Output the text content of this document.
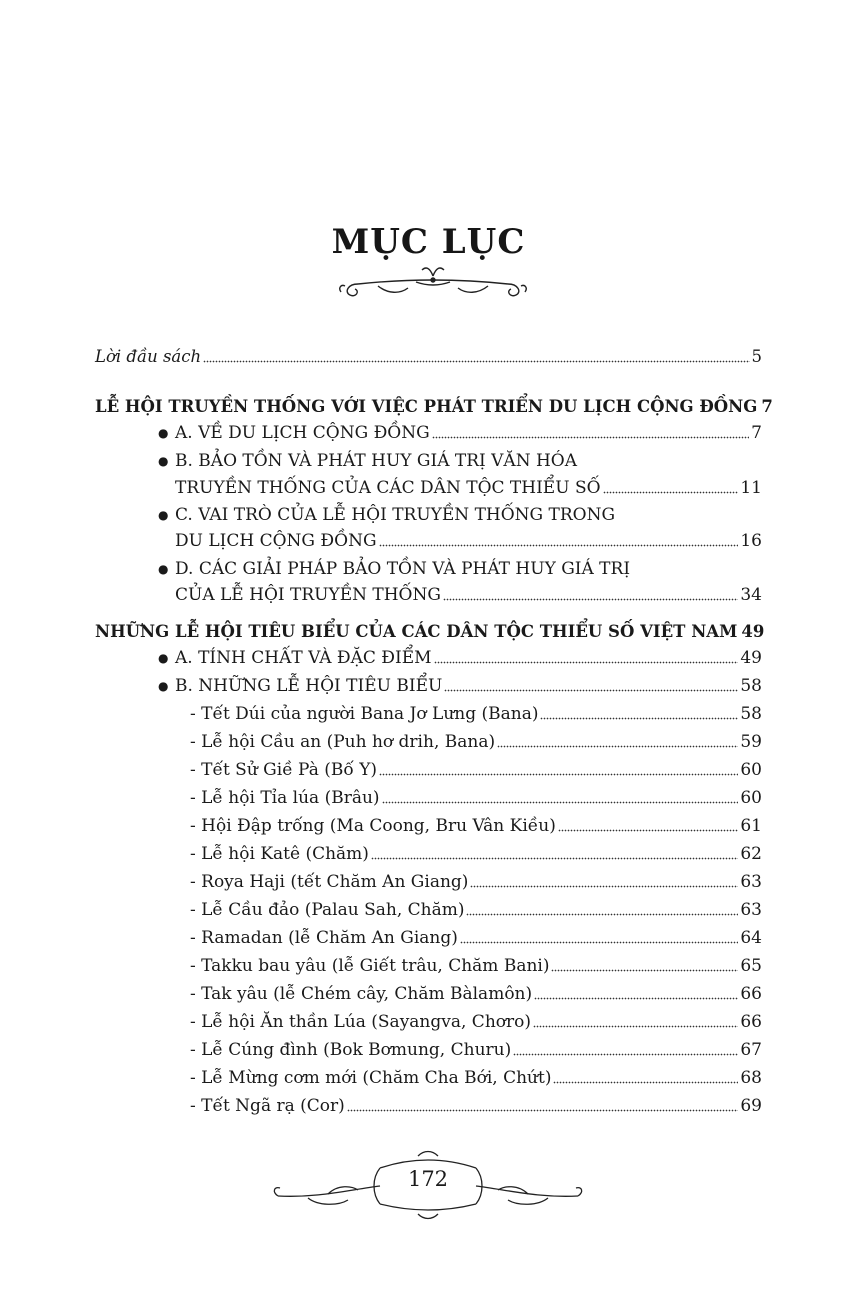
MỤC LỤC
Lời đầu sách	5
LỄ HỘI TRUYỀN THỐNG VỚI VIỆC PHÁT TRIỂN DU LỊCH CỘNG ĐỒNG 7
● A. VỀ DU LỊCH CỘNG ĐỒNG	7
● B. BẢO TỒN VÀ PHÁT HUY GIÁ TRỊ VĂN HÓA
TRUYỀN THỐNG CỦA CÁC DÂN TỘC THIỂU SỐ	11
● C. VAI TRÒ CỦA LỄ HỘI TRUYỀN THỐNG TRONG
DU LỊCH CỘNG ĐỒNG	16
● D. CÁC GIẢI PHÁP BẢO TỒN VÀ PHÁT HUY GIÁ TRỊ
CỦA LỄ HỘI TRUYỀN THỐNG	34
NHỮNG LỄ HỘI TIÊU BIỂU CỦA CÁC DÂN TỘC THIỂU SỐ VIỆT NAM 49
● A. TÍNH CHẤT VÀ ĐẶC ĐIỂM	49
● B. NHỮNG LỄ HỘI TIÊU BIỂU	58
- Tết Dúi của người Bana Jơ Lưng (Bana)	58
- Lễ hội Cầu an (Puh hơ drih, Bana)	59
- Tết Sử Giề Pà (Bố Y)	60
- Lễ hội Tỉa lúa (Brâu)	60
- Hội Đập trống (Ma Coong, Bru Vân Kiều)	61
- Lễ hội Katê (Chăm)	62
- Roya Haji (tết Chăm An Giang)	63
- Lễ Cầu đảo (Palau Sah, Chăm)	63
- Ramadan (lễ Chăm An Giang)	64
- Takku bau yâu (lễ Giết trâu, Chăm Bani)	65
- Tak yâu (lễ Chém cây, Chăm Bàlamôn)	66
- Lễ hội Ăn thần Lúa (Sayangva, Chơro)	66
- Lễ Cúng đình (Bok Bơmung, Churu)	67
- Lễ Mừng cơm mới (Chăm Cha Bới, Chứt)	68
- Tết Ngã rạ (Cor)	69
172
